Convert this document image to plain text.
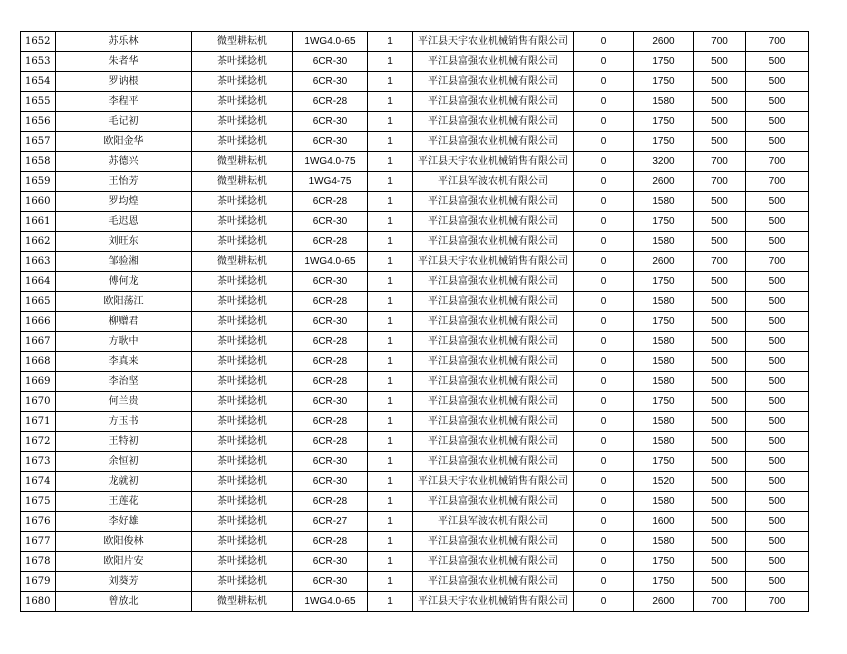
1652	苏乐林	微型耕耘机	1WG4.0-65	1	平江县天宇农业机械销售有限公司	0	2600	700	700
1653	朱者华	茶叶揉捻机	6CR-30	1	平江县富强农业机械有限公司	0	1750	500	500
1654	罗讷根	茶叶揉捻机	6CR-30	1	平江县富强农业机械有限公司	0	1750	500	500
1655	李程平	茶叶揉捻机	6CR-28	1	平江县富强农业机械有限公司	0	1580	500	500
1656	毛记初	茶叶揉捻机	6CR-30	1	平江县富强农业机械有限公司	0	1750	500	500
1657	欧阳金华	茶叶揉捻机	6CR-30	1	平江县富强农业机械有限公司	0	1750	500	500
1658	苏德兴	微型耕耘机	1WG4.0-75	1	平江县天宇农业机械销售有限公司	0	3200	700	700
1659	王怡芳	微型耕耘机	1WG4-75	1	平江县军波农机有限公司	0	2600	700	700
1660	罗均煌	茶叶揉捻机	6CR-28	1	平江县富强农业机械有限公司	0	1580	500	500
1661	毛迟恩	茶叶揉捻机	6CR-30	1	平江县富强农业机械有限公司	0	1750	500	500
1662	刘旺东	茶叶揉捻机	6CR-28	1	平江县富强农业机械有限公司	0	1580	500	500
1663	邹验湘	微型耕耘机	1WG4.0-65	1	平江县天宇农业机械销售有限公司	0	2600	700	700
1664	傅何龙	茶叶揉捻机	6CR-30	1	平江县富强农业机械有限公司	0	1750	500	500
1665	欧阳荡江	茶叶揉捻机	6CR-28	1	平江县富强农业机械有限公司	0	1580	500	500
1666	柳赠君	茶叶揉捻机	6CR-30	1	平江县富强农业机械有限公司	0	1750	500	500
1667	方耿中	茶叶揉捻机	6CR-28	1	平江县富强农业机械有限公司	0	1580	500	500
1668	李真来	茶叶揉捻机	6CR-28	1	平江县富强农业机械有限公司	0	1580	500	500
1669	李治坚	茶叶揉捻机	6CR-28	1	平江县富强农业机械有限公司	0	1580	500	500
1670	何兰贵	茶叶揉捻机	6CR-30	1	平江县富强农业机械有限公司	0	1750	500	500
1671	方玉书	茶叶揉捻机	6CR-28	1	平江县富强农业机械有限公司	0	1580	500	500
1672	王特初	茶叶揉捻机	6CR-28	1	平江县富强农业机械有限公司	0	1580	500	500
1673	余恒初	茶叶揉捻机	6CR-30	1	平江县富强农业机械有限公司	0	1750	500	500
1674	龙就初	茶叶揉捻机	6CR-30	1	平江县天宇农业机械销售有限公司	0	1520	500	500
1675	王莲花	茶叶揉捻机	6CR-28	1	平江县富强农业机械有限公司	0	1580	500	500
1676	李好雄	茶叶揉捻机	6CR-27	1	平江县军波农机有限公司	0	1600	500	500
1677	欧阳俊林	茶叶揉捻机	6CR-28	1	平江县富强农业机械有限公司	0	1580	500	500
1678	欧阳片安	茶叶揉捻机	6CR-30	1	平江县富强农业机械有限公司	0	1750	500	500
1679	刘葵芳	茶叶揉捻机	6CR-30	1	平江县富强农业机械有限公司	0	1750	500	500
1680	曾放北	微型耕耘机	1WG4.0-65	1	平江县天宇农业机械销售有限公司	0	2600	700	700
